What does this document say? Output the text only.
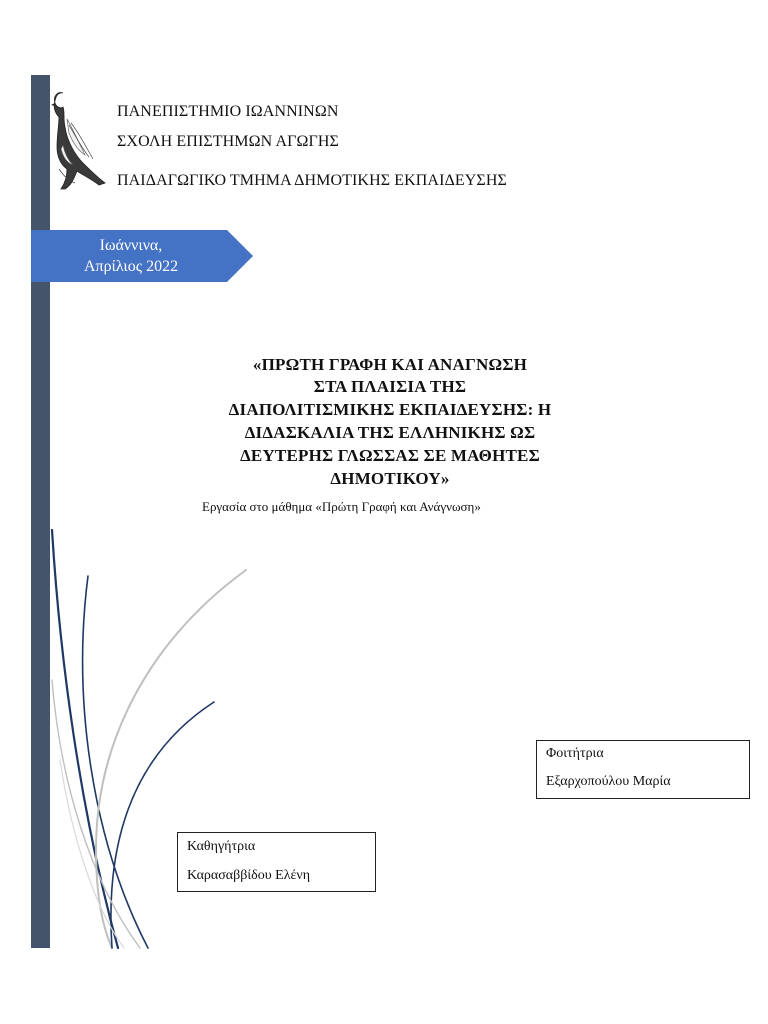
ΠΑΝΕΠΙΣΤΗΜΙΟ ΙΩΑΝΝΙΝΩΝ
ΣΧΟΛΗ ΕΠΙΣΤΗΜΩΝ ΑΓΩΓΗΣ
ΠΑΙΔΑΓΩΓΙΚΟ ΤΜΗΜΑ ΔΗΜΟΤΙΚΗΣ ΕΚΠΑΙΔΕΥΣΗΣ
Ιωάννινα,
Απρίλιος 2022
«ΠΡΩΤΗ ΓΡΑΦΗ ΚΑΙ ΑΝΑΓΝΩΣΗ
ΣΤΑ ΠΛΑΙΣΙΑ ΤΗΣ
ΔΙΑΠΟΛΙΤΙΣΜΙΚΗΣ ΕΚΠΑΙΔΕΥΣΗΣ: Η
ΔΙΔΑΣΚΑΛΙΑ ΤΗΣ ΕΛΛΗΝΙΚΗΣ ΩΣ
ΔΕΥΤΕΡΗΣ ΓΛΩΣΣΑΣ ΣΕ ΜΑΘΗΤΕΣ
ΔΗΜΟΤΙΚΟΥ»
Εργασία στο μάθημα «Πρώτη Γραφή και Ανάγνωση»
Φοιτήτρια
Εξαρχοπούλου Μαρία
Καθηγήτρια
Καρασαββίδου Ελένη
